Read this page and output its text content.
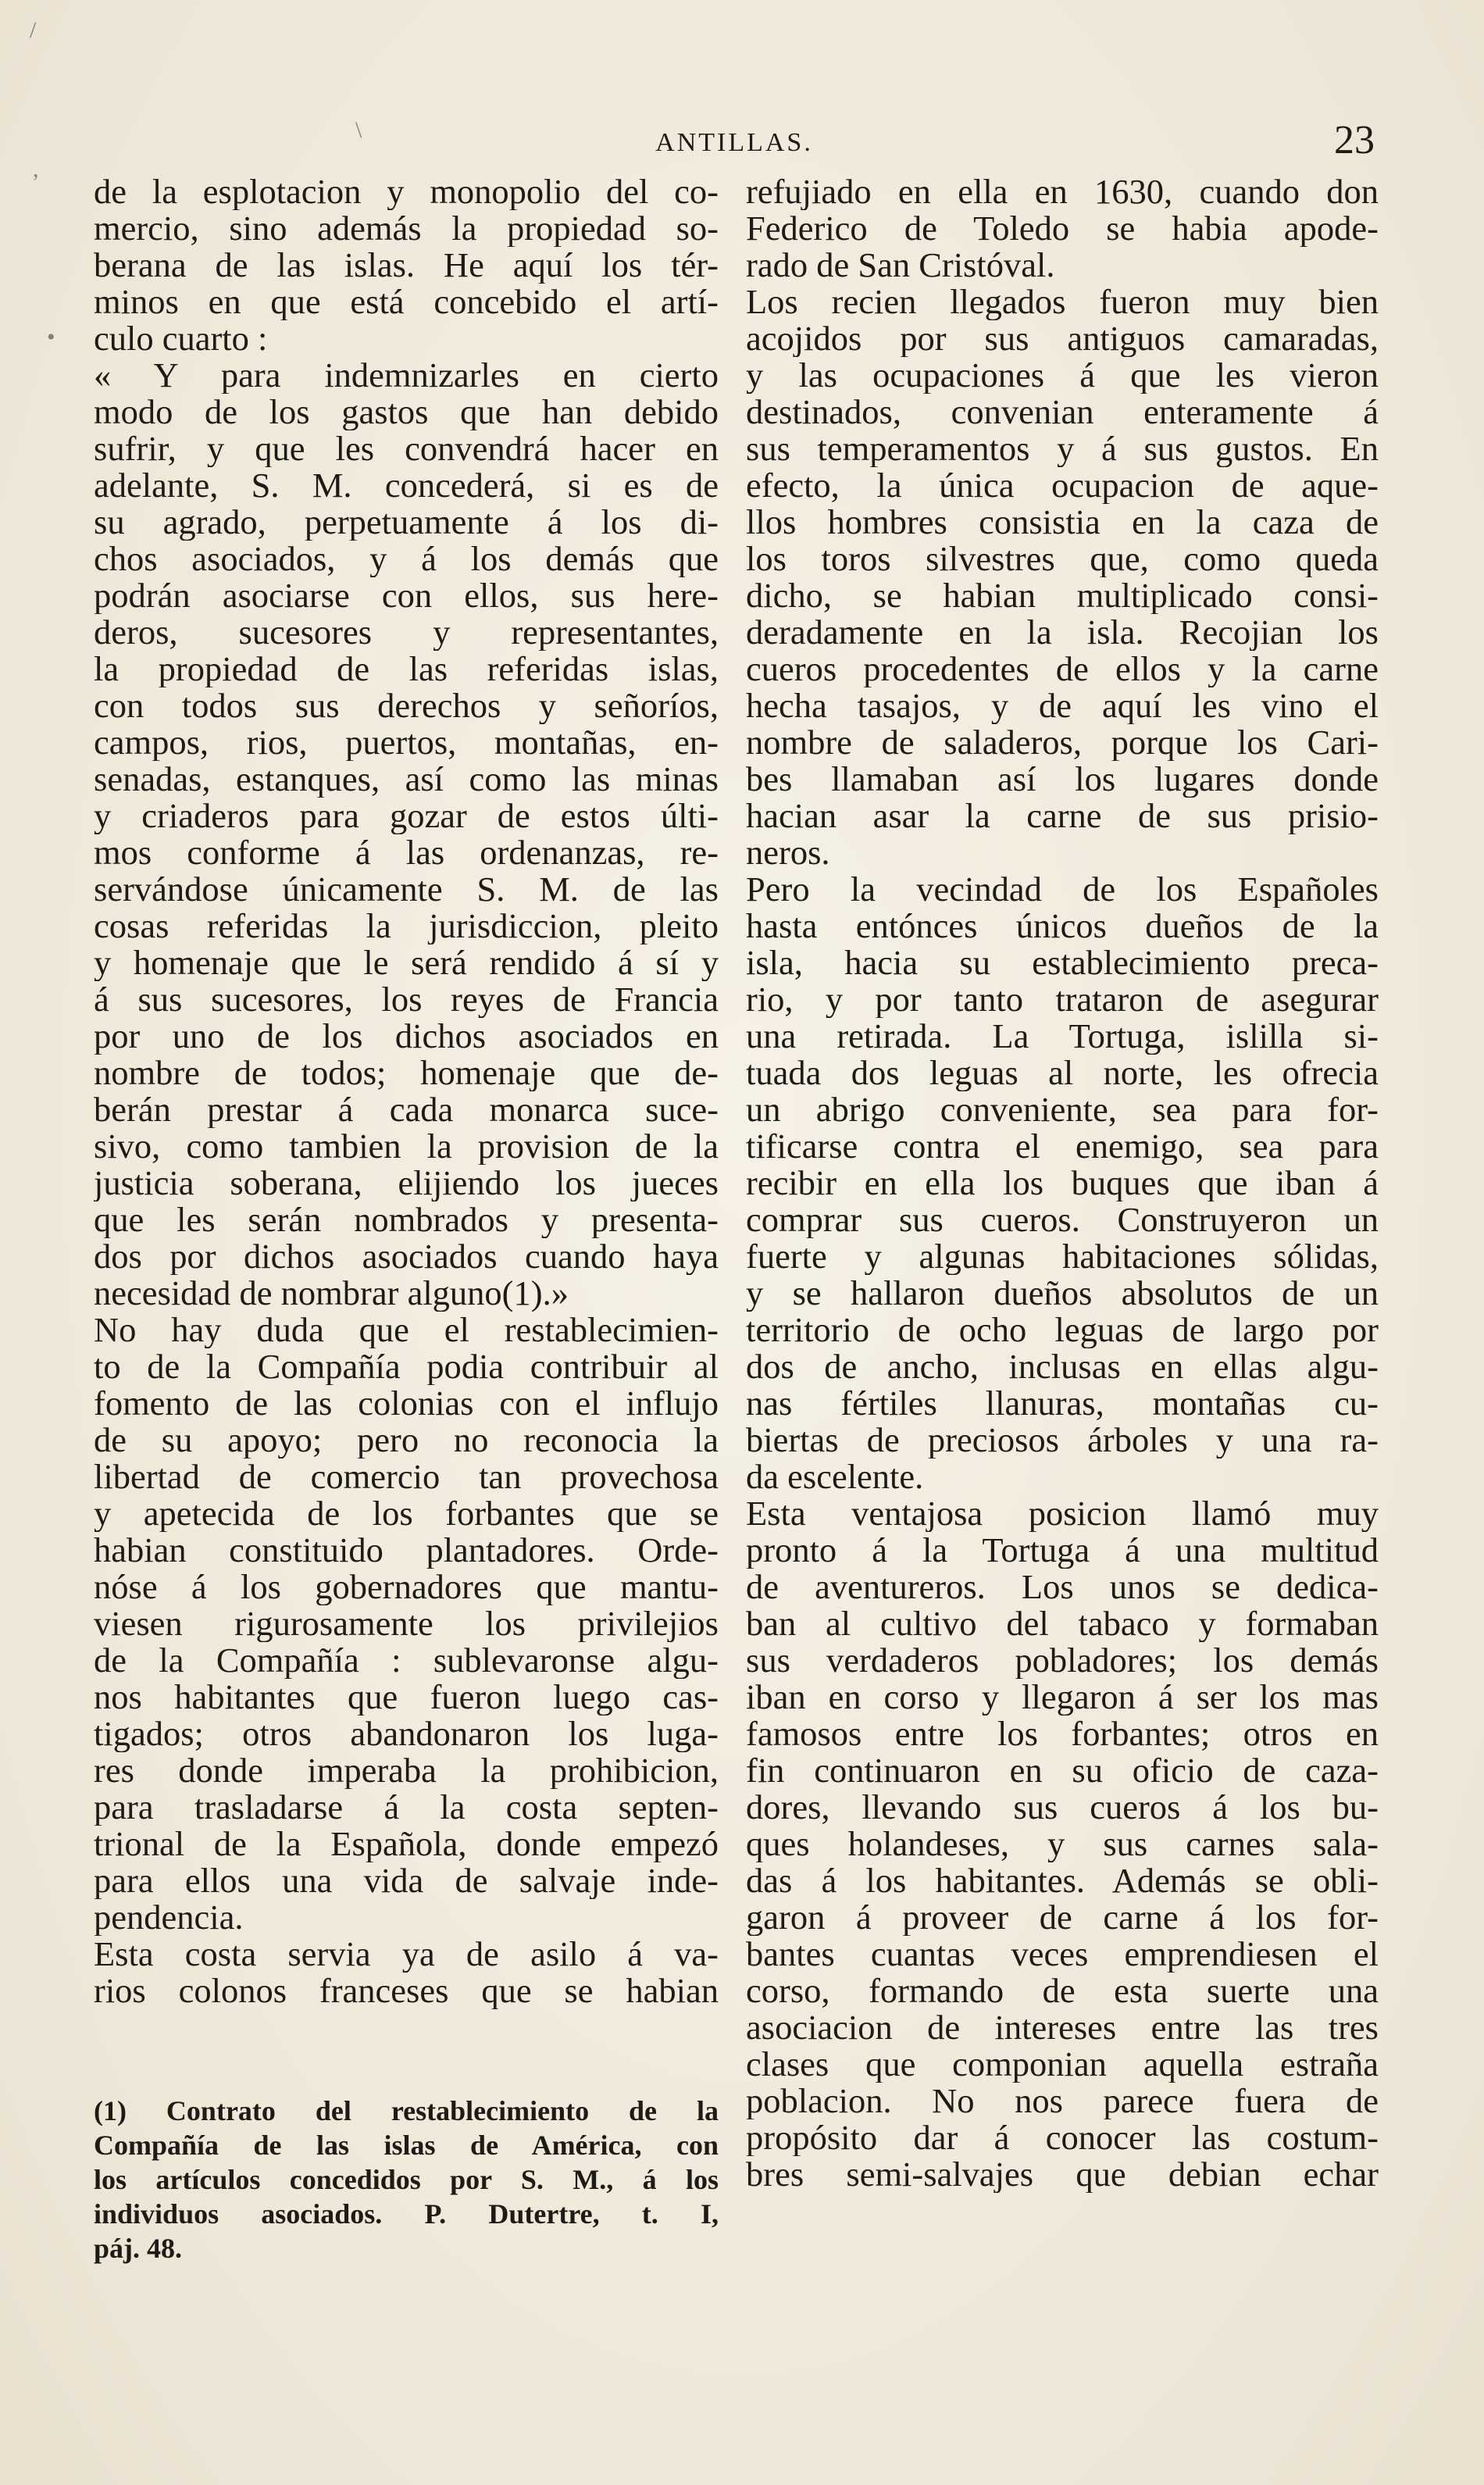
/
,
\
•
ANTILLAS.	23
de la esplotacion y monopolio del co-
mercio, sino además la propiedad so-
berana de las islas. He aquí los tér-
minos en que está concebido el artí-
culo cuarto :
« Y para indemnizarles en cierto
modo de los gastos que han debido
sufrir, y que les convendrá hacer en
adelante, S. M. concederá, si es de
su agrado, perpetuamente á los di-
chos asociados, y á los demás que
podrán asociarse con ellos, sus here-
deros, sucesores y representantes,
la propiedad de las referidas islas,
con todos sus derechos y señoríos,
campos, rios, puertos, montañas, en-
senadas, estanques, así como las minas
y criaderos para gozar de estos últi-
mos conforme á las ordenanzas, re-
servándose únicamente S. M. de las
cosas referidas la jurisdiccion, pleito
y homenaje que le será rendido á sí y
á sus sucesores, los reyes de Francia
por uno de los dichos asociados en
nombre de todos; homenaje que de-
berán prestar á cada monarca suce-
sivo, como tambien la provision de la
justicia soberana, elijiendo los jueces
que les serán nombrados y presenta-
dos por dichos asociados cuando haya
necesidad de nombrar alguno(1).»
No hay duda que el restablecimien-
to de la Compañía podia contribuir al
fomento de las colonias con el influjo
de su apoyo; pero no reconocia la
libertad de comercio tan provechosa
y apetecida de los forbantes que se
habian constituido plantadores. Orde-
nóse á los gobernadores que mantu-
viesen rigurosamente los privilejios
de la Compañía : sublevaronse algu-
nos habitantes que fueron luego cas-
tigados; otros abandonaron los luga-
res donde imperaba la prohibicion,
para trasladarse á la costa septen-
trional de la Española, donde empezó
para ellos una vida de salvaje inde-
pendencia.
Esta costa servia ya de asilo á va-
rios colonos franceses que se habian
refujiado en ella en 1630, cuando don
Federico de Toledo se habia apode-
rado de San Cristóval.
Los recien llegados fueron muy bien
acojidos por sus antiguos camaradas,
y las ocupaciones á que les vieron
destinados, convenian enteramente á
sus temperamentos y á sus gustos. En
efecto, la única ocupacion de aque-
llos hombres consistia en la caza de
los toros silvestres que, como queda
dicho, se habian multiplicado consi-
deradamente en la isla. Recojian los
cueros procedentes de ellos y la carne
hecha tasajos, y de aquí les vino el
nombre de saladeros, porque los Cari-
bes llamaban así los lugares donde
hacian asar la carne de sus prisio-
neros.
Pero la vecindad de los Españoles
hasta entónces únicos dueños de la
isla, hacia su establecimiento preca-
rio, y por tanto trataron de asegurar
una retirada. La Tortuga, islilla si-
tuada dos leguas al norte, les ofrecia
un abrigo conveniente, sea para for-
tificarse contra el enemigo, sea para
recibir en ella los buques que iban á
comprar sus cueros. Construyeron un
fuerte y algunas habitaciones sólidas,
y se hallaron dueños absolutos de un
territorio de ocho leguas de largo por
dos de ancho, inclusas en ellas algu-
nas fértiles llanuras, montañas cu-
biertas de preciosos árboles y una ra-
da escelente.
Esta ventajosa posicion llamó muy
pronto á la Tortuga á una multitud
de aventureros. Los unos se dedica-
ban al cultivo del tabaco y formaban
sus verdaderos pobladores; los demás
iban en corso y llegaron á ser los mas
famosos entre los forbantes; otros en
fin continuaron en su oficio de caza-
dores, llevando sus cueros á los bu-
ques holandeses, y sus carnes sala-
das á los habitantes. Además se obli-
garon á proveer de carne á los for-
bantes cuantas veces emprendiesen el
corso, formando de esta suerte una
asociacion de intereses entre las tres
clases que componian aquella estraña
poblacion. No nos parece fuera de
propósito dar á conocer las costum-
bres semi-salvajes que debian echar
(1) Contrato del restablecimiento de la
Compañía de las islas de América, con
los artículos concedidos por S. M., á los
individuos asociados. P. Dutertre, t. I,
páj. 48.
